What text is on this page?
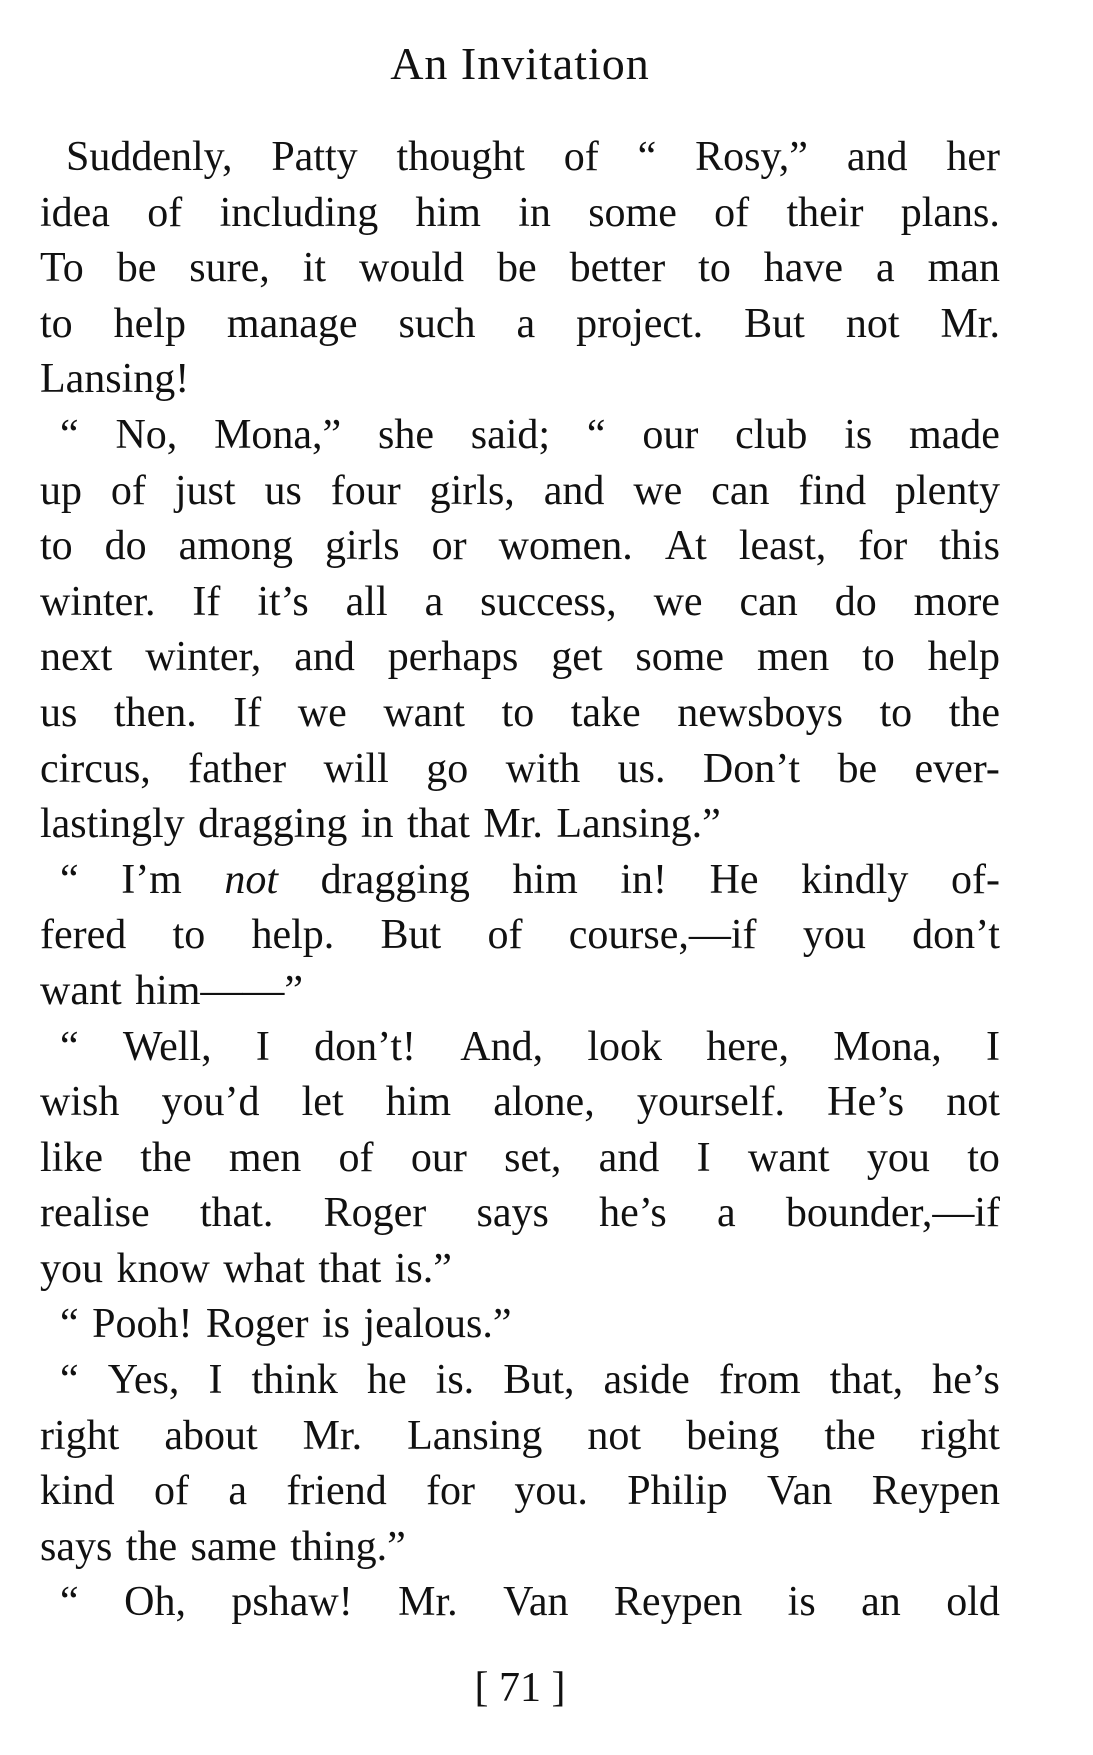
An Invitation
Suddenly, Patty thought of “ Rosy,” and her
idea of including him in some of their plans.
To be sure, it would be better to have a man
to help manage such a project. But not Mr.
Lansing!
“ No, Mona,” she said; “ our club is made
up of just us four girls, and we can find plenty
to do among girls or women. At least, for this
winter. If it’s all a success, we can do more
next winter, and perhaps get some men to help
us then. If we want to take newsboys to the
circus, father will go with us. Don’t be ever-
lastingly dragging in that Mr. Lansing.”
“ I’m not dragging him in! He kindly of-
fered to help. But of course,—if you don’t
want him——”
“ Well, I don’t! And, look here, Mona, I
wish you’d let him alone, yourself. He’s not
like the men of our set, and I want you to
realise that. Roger says he’s a bounder,—if
you know what that is.”
“ Pooh! Roger is jealous.”
“ Yes, I think he is. But, aside from that, he’s
right about Mr. Lansing not being the right
kind of a friend for you. Philip Van Reypen
says the same thing.”
“ Oh, pshaw! Mr. Van Reypen is an old
[ 71 ]
